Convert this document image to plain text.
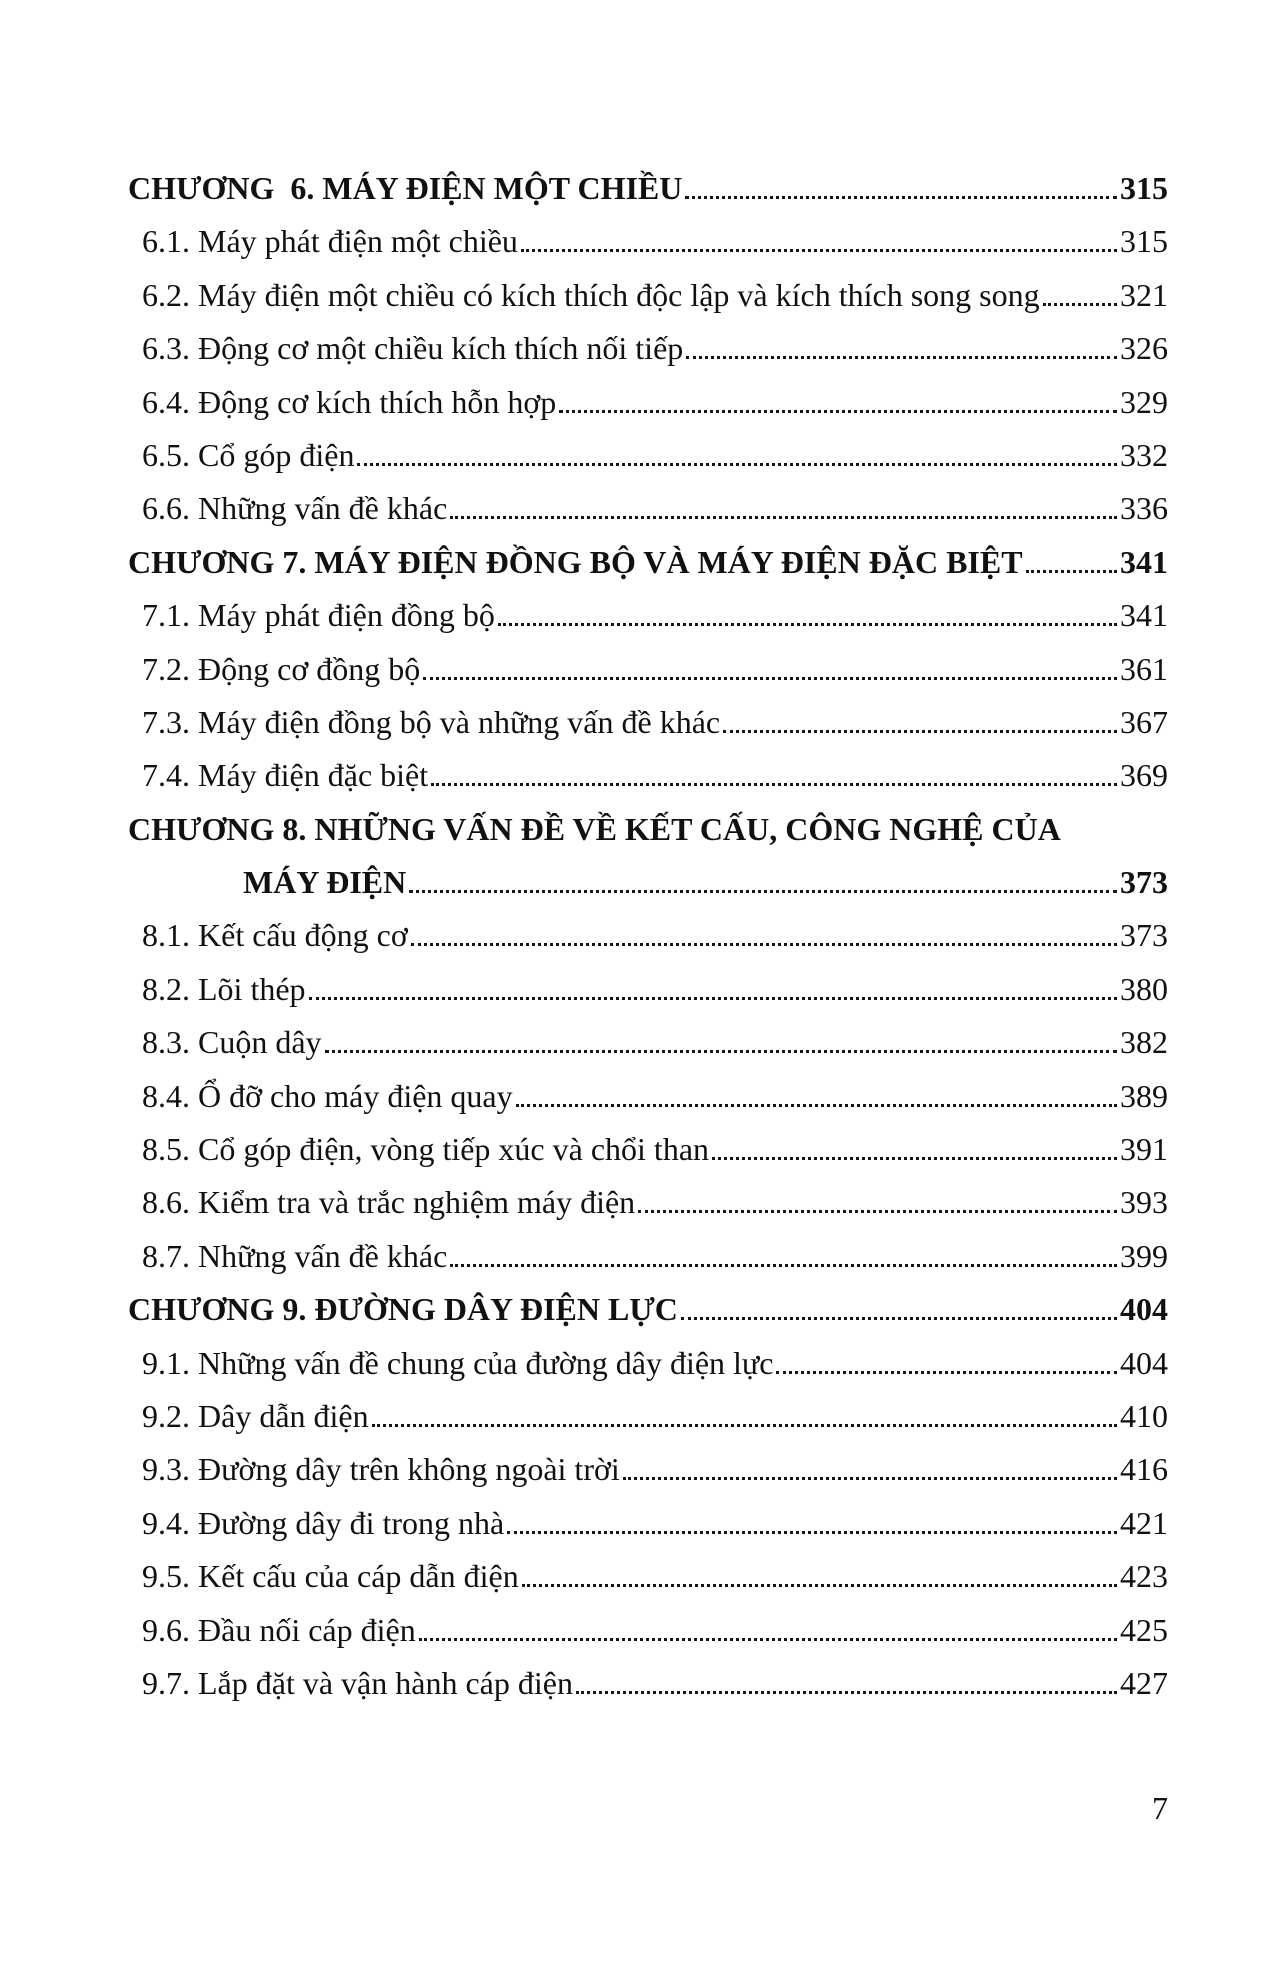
CHƯƠNG  6. MÁY ĐIỆN MỘT CHIỀU	315
6.1. Máy phát điện một chiều	315
6.2. Máy điện một chiều có kích thích độc lập và kích thích song song	321
6.3. Động cơ một chiều kích thích nối tiếp	326
6.4. Động cơ kích thích hỗn hợp	329
6.5. Cổ góp điện	332
6.6. Những vấn đề khác	336
CHƯƠNG 7. MÁY ĐIỆN ĐỒNG BỘ VÀ MÁY ĐIỆN ĐẶC BIỆT	341
7.1. Máy phát điện đồng bộ	341
7.2. Động cơ đồng bộ	361
7.3. Máy điện đồng bộ và những vấn đề khác	367
7.4. Máy điện đặc biệt	369
CHƯƠNG 8. NHỮNG VẤN ĐỀ VỀ KẾT CẤU, CÔNG NGHỆ CỦA
MÁY ĐIỆN	373
8.1. Kết cấu động cơ	373
8.2. Lõi thép	380
8.3. Cuộn dây	382
8.4. Ổ đỡ cho máy điện quay	389
8.5. Cổ góp điện, vòng tiếp xúc và chổi than	391
8.6. Kiểm tra và trắc nghiệm máy điện	393
8.7. Những vấn đề khác	399
CHƯƠNG 9. ĐƯỜNG DÂY ĐIỆN LỰC	404
9.1. Những vấn đề chung của đường dây điện lực	404
9.2. Dây dẫn điện	410
9.3. Đường dây trên không ngoài trời	416
9.4. Đường dây đi trong nhà	421
9.5. Kết cấu của cáp dẫn điện	423
9.6. Đầu nối cáp điện	425
9.7. Lắp đặt và vận hành cáp điện	427
7
